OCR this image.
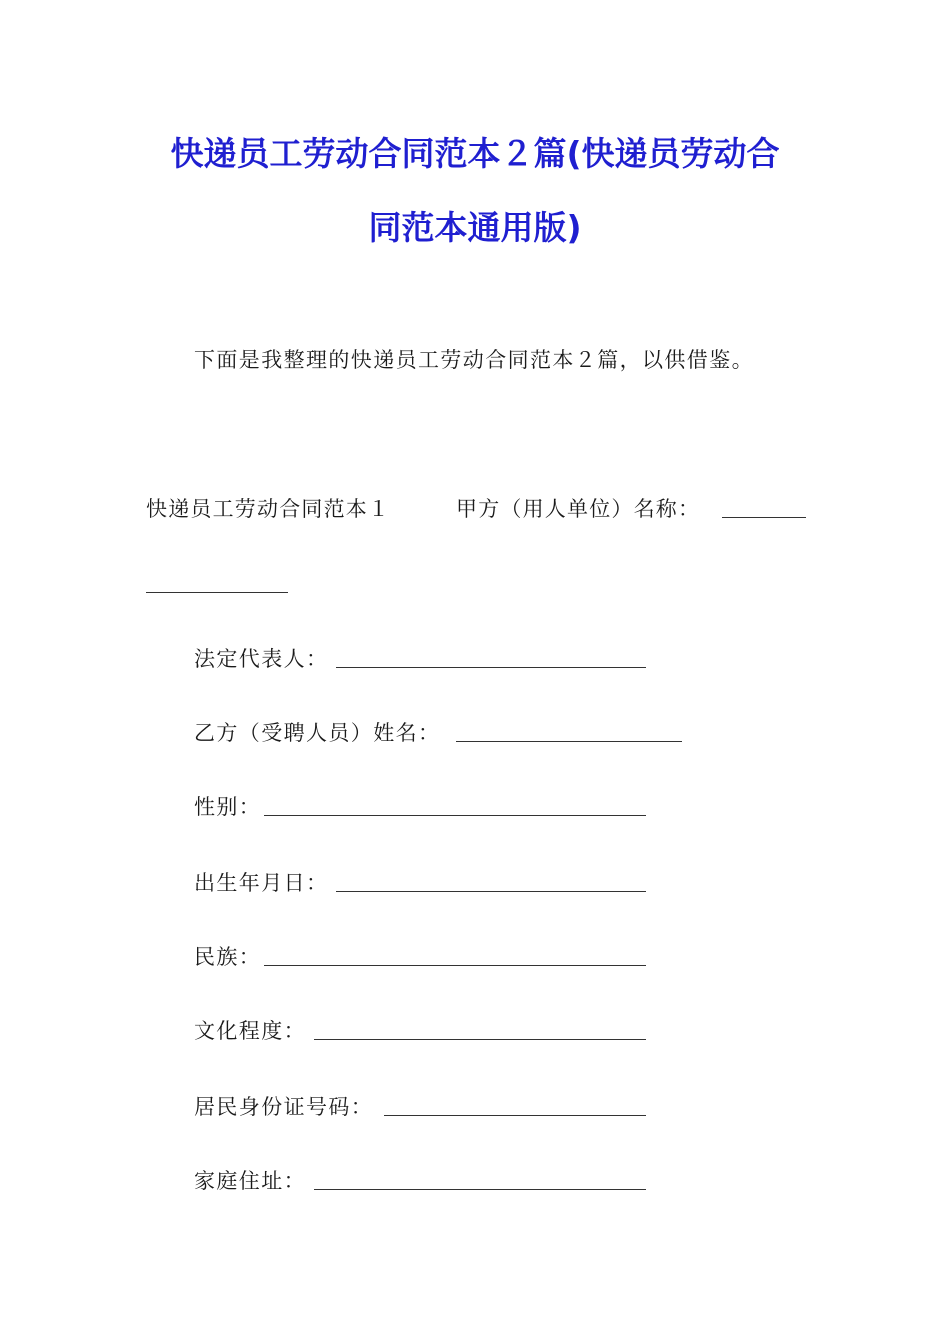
快递员工劳动合同范本２篇(快递员劳动合
同范本通用版)
下面是我整理的快递员工劳动合同范本２篇，以供借鉴。
快递员工劳动合同范本１	甲方（用人单位）名称：
法定代表人：
乙方（受聘人员）姓名：
性别：
出生年月日：
民族：
文化程度：
居民身份证号码：
家庭住址：
